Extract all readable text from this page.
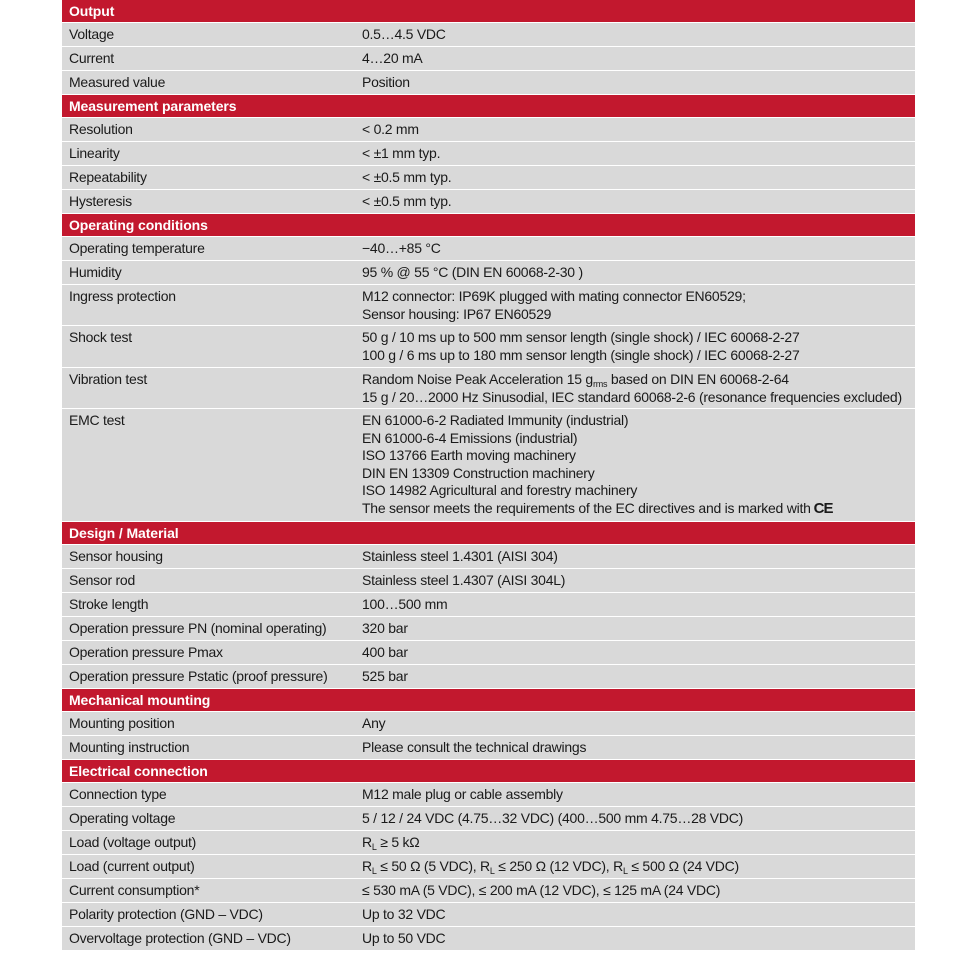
Output
Voltage	0.5…4.5 VDC
Current	4…20 mA
Measured value	Position
Measurement parameters
Resolution	< 0.2 mm
Linearity	< ±1 mm typ.
Repeatability	< ±0.5 mm typ.
Hysteresis	< ±0.5 mm typ.
Operating conditions
Operating temperature	−40…+85 °C
Humidity	95 % @ 55 °C (DIN EN 60068-2-30 )
Ingress protection	M12 connector: IP69K plugged with mating connector EN60529;
Sensor housing: IP67 EN60529
Shock test	50 g / 10 ms up to 500 mm sensor length (single shock) / IEC 60068-2-27
100 g / 6 ms up to 180 mm sensor length (single shock) / IEC 60068-2-27
Vibration test	Random Noise Peak Acceleration 15 $g_{rms}$ based on DIN EN 60068-2-64
15 g / 20…2000 Hz Sinusodial, IEC standard 60068-2-6 (resonance frequencies excluded)
EMC test	EN 61000-6-2 Radiated Immunity (industrial)
EN 61000-6-4 Emissions (industrial)
ISO 13766 Earth moving machinery
DIN EN 13309 Construction machinery
ISO 14982 Agricultural and forestry machinery
The sensor meets the requirements of the EC directives and is marked with CE
Design / Material
Sensor housing	Stainless steel 1.4301 (AISI 304)
Sensor rod	Stainless steel 1.4307 (AISI 304L)
Stroke length	100…500 mm
Operation pressure PN (nominal operating)	320 bar
Operation pressure Pmax	400 bar
Operation pressure Pstatic (proof pressure)	525 bar
Mechanical mounting
Mounting position	Any
Mounting instruction	Please consult the technical drawings
Electrical connection
Connection type	M12 male plug or cable assembly
Operating voltage	5 / 12 / 24 VDC (4.75…32 VDC) (400…500 mm 4.75…28 VDC)
Load (voltage output)	$R_L \ge 5$ kΩ
Load (current output)	$R_L \le 50$ Ω (5 VDC), $R_L \le 250$ Ω (12 VDC), $R_L \le 500$ Ω (24 VDC)
Current consumption*	≤ 530 mA (5 VDC), ≤ 200 mA (12 VDC), ≤ 125 mA (24 VDC)
Polarity protection (GND – VDC)	Up to 32 VDC
Overvoltage protection (GND – VDC)	Up to 50 VDC
